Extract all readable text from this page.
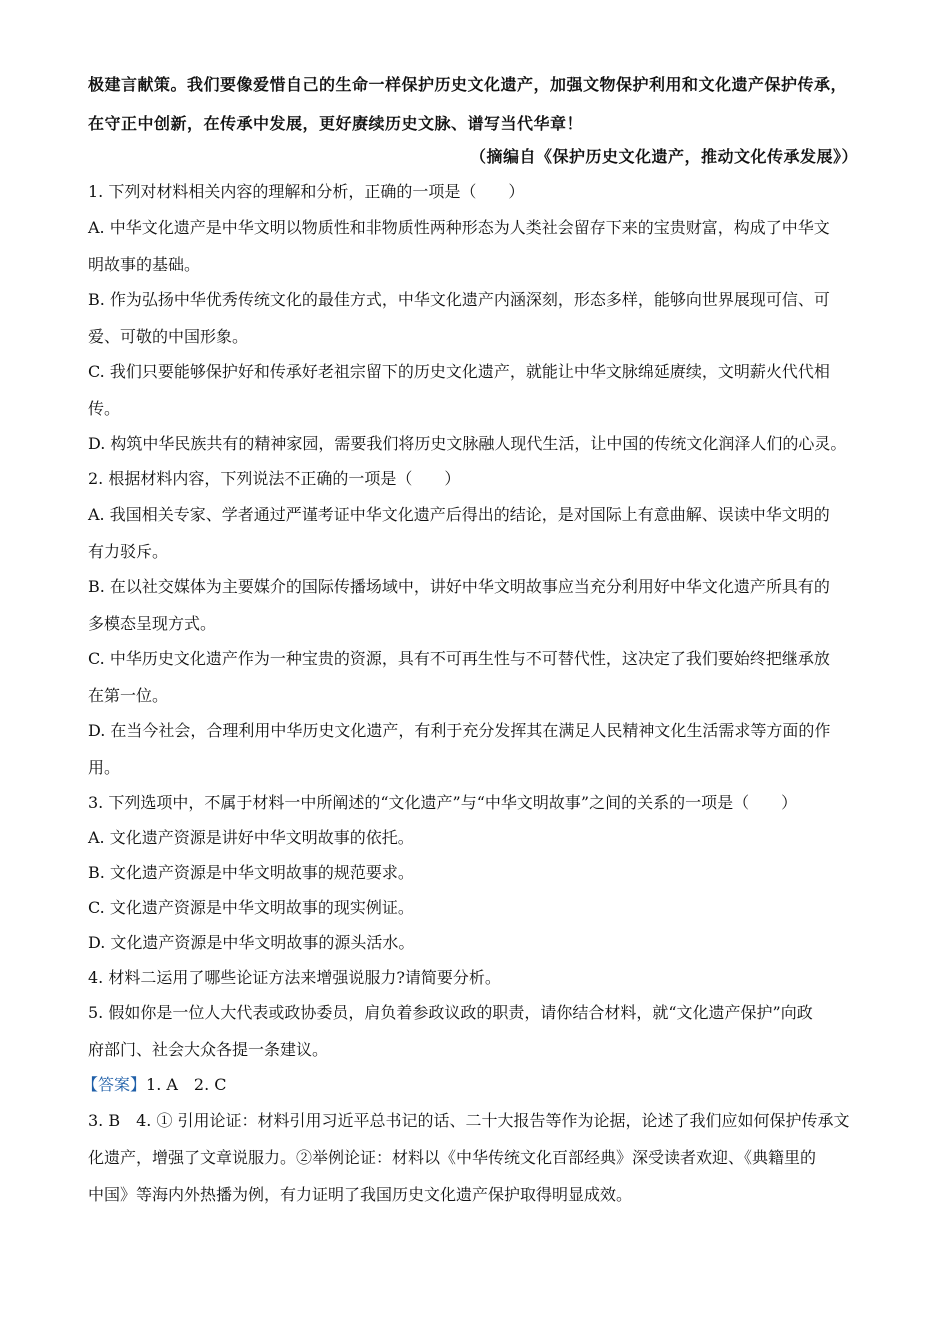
极建言献策。我们要像爱惜自己的生命一样保护历史文化遗产，加强文物保护利用和文化遗产保护传承，
在守正中创新，在传承中发展，更好赓续历史文脉、谱写当代华章！
（摘编自《保护历史文化遗产，推动文化传承发展》）
1. 下列对材料相关内容的理解和分析，正确的一项是（　　）
A. 中华文化遗产是中华文明以物质性和非物质性两种形态为人类社会留存下来的宝贵财富，构成了中华文
明故事的基础。
B. 作为弘扬中华优秀传统文化的最佳方式，中华文化遗产内涵深刻，形态多样，能够向世界展现可信、可
爱、可敬的中国形象。
C. 我们只要能够保护好和传承好老祖宗留下的历史文化遗产，就能让中华文脉绵延赓续，文明薪火代代相
传。
D. 构筑中华民族共有的精神家园，需要我们将历史文脉融人现代生活，让中国的传统文化润泽人们的心灵。
2. 根据材料内容，下列说法不正确的一项是（　　）
A. 我国相关专家、学者通过严谨考证中华文化遗产后得出的结论，是对国际上有意曲解、误读中华文明的
有力驳斥。
B. 在以社交媒体为主要媒介的国际传播场域中，讲好中华文明故事应当充分利用好中华文化遗产所具有的
多模态呈现方式。
C. 中华历史文化遗产作为一种宝贵的资源，具有不可再生性与不可替代性，这决定了我们要始终把继承放
在第一位。
D. 在当今社会，合理利用中华历史文化遗产，有利于充分发挥其在满足人民精神文化生活需求等方面的作
用。
3. 下列选项中，不属于材料一中所阐述的“文化遗产”与“中华文明故事”之间的关系的一项是（　　）
A. 文化遗产资源是讲好中华文明故事的依托。
B. 文化遗产资源是中华文明故事的规范要求。
C. 文化遗产资源是中华文明故事的现实例证。
D. 文化遗产资源是中华文明故事的源头活水。
4. 材料二运用了哪些论证方法来增强说服力?请简要分析。
5. 假如你是一位人大代表或政协委员，肩负着参政议政的职责，请你结合材料，就“文化遗产保护”向政
府部门、社会大众各提一条建议。
【答案】1. A　2. C
3. B　4. ① 引用论证：材料引用习近平总书记的话、二十大报告等作为论据，论述了我们应如何保护传承文
化遗产，增强了文章说服力。②举例论证：材料以《中华传统文化百部经典》深受读者欢迎、《典籍里的
中国》等海内外热播为例，有力证明了我国历史文化遗产保护取得明显成效。
